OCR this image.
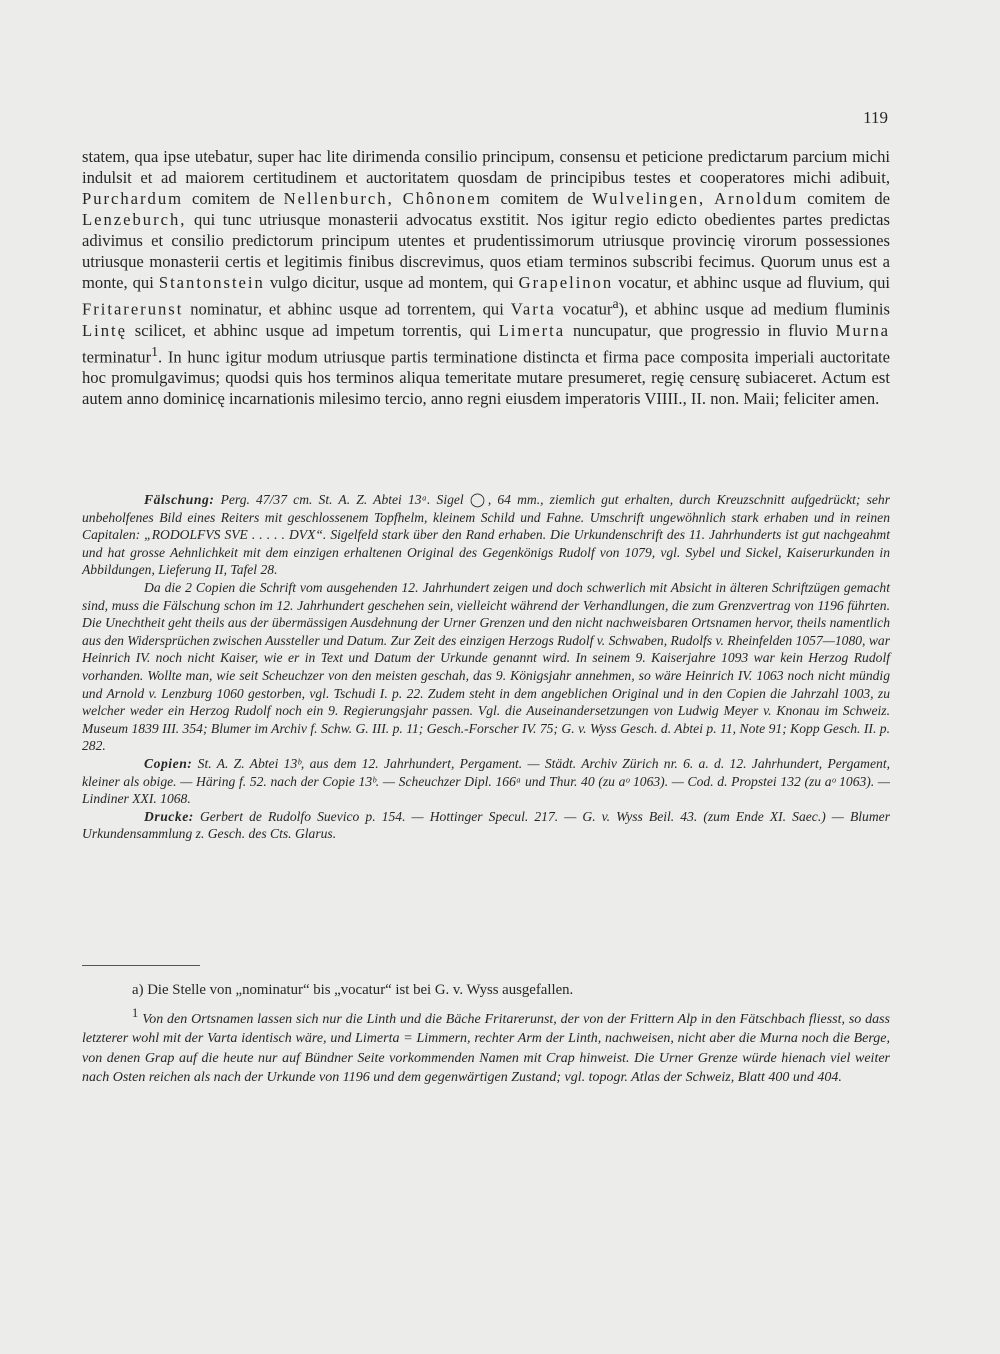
119

statem, qua ipse utebatur, super hac lite dirimenda consilio principum, consensu et peticione predictarum parcium michi indulsit et ad maiorem certitudinem et auctoritatem quosdam de principibus testes et cooperatores michi adibuit, Purchardum comitem de Nellenburch, Chônonem comitem de Wulvelingen, Arnoldum comitem de Lenzeburch, qui tunc utriusque monasterii advocatus exstitit. Nos igitur regio edicto obedientes partes predictas adivimus et consilio predictorum principum utentes et prudentissimorum utriusque provincię virorum possessiones utriusque monasterii certis et legitimis finibus discrevimus, quos etiam terminos subscribi fecimus. Quorum unus est a monte, qui Stantonstein vulgo dicitur, usque ad montem, qui Grapelinon vocatur, et abhinc usque ad fluvium, qui Fritarerunst nominatur, et abhinc usque ad torrentem, qui Varta vocatur$^a$), et abhinc usque ad medium fluminis Lintę scilicet, et abhinc usque ad impetum torrentis, qui Limerta nuncupatur, que progressio in fluvio Murna terminatur$^1$. In hunc igitur modum utriusque partis terminatione distincta et firma pace composita imperiali auctoritate hoc promulgavimus; quodsi quis hos terminos aliqua temeritate mutare presumeret, regię censurę subiaceret. Actum est autem anno dominicę incarnationis milesimo tercio, anno regni eiusdem imperatoris VIIII., II. non. Maii; feliciter amen.

Fälschung: Perg. 47/37 cm. St. A. Z. Abtei 13ᵃ. Sigel ◯, 64 mm., ziemlich gut erhalten, durch Kreuzschnitt aufgedrückt; sehr unbeholfenes Bild eines Reiters mit geschlossenem Topfhelm, kleinem Schild und Fahne. Umschrift ungewöhnlich stark erhaben und in reinen Capitalen: „RODOLFVS SVE . . . . . DVX“. Sigelfeld stark über den Rand erhaben. Die Urkundenschrift des 11. Jahrhunderts ist gut nachgeahmt und hat grosse Aehnlichkeit mit dem einzigen erhaltenen Original des Gegenkönigs Rudolf von 1079, vgl. Sybel und Sickel, Kaiserurkunden in Abbildungen, Lieferung II, Tafel 28.

Da die 2 Copien die Schrift vom ausgehenden 12. Jahrhundert zeigen und doch schwerlich mit Absicht in älteren Schriftzügen gemacht sind, muss die Fälschung schon im 12. Jahrhundert geschehen sein, vielleicht während der Verhandlungen, die zum Grenzvertrag von 1196 führten. Die Unechtheit geht theils aus der übermässigen Ausdehnung der Urner Grenzen und den nicht nachweisbaren Ortsnamen hervor, theils namentlich aus den Widersprüchen zwischen Aussteller und Datum. Zur Zeit des einzigen Herzogs Rudolf v. Schwaben, Rudolfs v. Rheinfelden 1057—1080, war Heinrich IV. noch nicht Kaiser, wie er in Text und Datum der Urkunde genannt wird. In seinem 9. Kaiserjahre 1093 war kein Herzog Rudolf vorhanden. Wollte man, wie seit Scheuchzer von den meisten geschah, das 9. Königsjahr annehmen, so wäre Heinrich IV. 1063 noch nicht mündig und Arnold v. Lenzburg 1060 gestorben, vgl. Tschudi I. p. 22. Zudem steht in dem angeblichen Original und in den Copien die Jahrzahl 1003, zu welcher weder ein Herzog Rudolf noch ein 9. Regierungsjahr passen. Vgl. die Auseinandersetzungen von Ludwig Meyer v. Knonau im Schweiz. Museum 1839 III. 354; Blumer im Archiv f. Schw. G. III. p. 11; Gesch.-Forscher IV. 75; G. v. Wyss Gesch. d. Abtei p. 11, Note 91; Kopp Gesch. II. p. 282.

Copien: St. A. Z. Abtei 13ᵇ, aus dem 12. Jahrhundert, Pergament. — Städt. Archiv Zürich nr. 6. a. d. 12. Jahrhundert, Pergament, kleiner als obige. — Häring f. 52. nach der Copie 13ᵇ. — Scheuchzer Dipl. 166ᵃ und Thur. 40 (zu aᵒ 1063). — Cod. d. Propstei 132 (zu aᵒ 1063). — Lindiner XXI. 1068.

Drucke: Gerbert de Rudolfo Suevico p. 154. — Hottinger Specul. 217. — G. v. Wyss Beil. 43. (zum Ende XI. Saec.) — Blumer Urkundensammlung z. Gesch. des Cts. Glarus.

a) Die Stelle von „nominatur“ bis „vocatur“ ist bei G. v. Wyss ausgefallen.

$^1$ Von den Ortsnamen lassen sich nur die Linth und die Bäche Fritarerunst, der von der Frittern Alp in den Fätschbach fliesst, so dass letzterer wohl mit der Varta identisch wäre, und Limerta = Limmern, rechter Arm der Linth, nachweisen, nicht aber die Murna noch die Berge, von denen Grap auf die heute nur auf Bündner Seite vorkommenden Namen mit Crap hinweist. Die Urner Grenze würde hienach viel weiter nach Osten reichen als nach der Urkunde von 1196 und dem gegenwärtigen Zustand; vgl. topogr. Atlas der Schweiz, Blatt 400 und 404.
